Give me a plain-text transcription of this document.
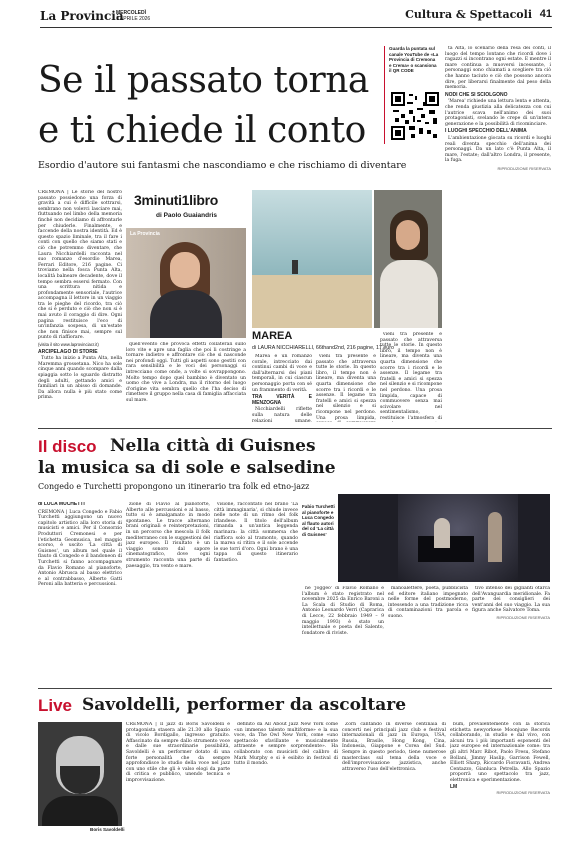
La Provincia
MERCOLEDÌ
1 APRILE 2026	Cultura & Spettacoli 41
Se il passato torna
e ti chiede il conto
Esordio d'autore sui fantasmi che nascondiamo e che rischiamo di diventare
Guarda la puntata sul canale YouTube de «La Provincia di Cremona e Crema» o scansiona il QR CODE

ta Alta, lo scenario della resa dei conti, il luogo del tempo lontano che ricordi dove i ragazzi si incontrano ogni estate. E mentre il mare continua a muoversi incessante, i personaggi sono chiamati a scegliere tra ciò che hanno taciuto e ciò che possono ancora dire, per liberarsi finalmente dal peso della memoria.

NODI CHE SI SCIOLGONO

'Marea' richiede una lettura lenta e attenta, che renda giustizia alla delicatezza con cui l'autrice scava nell'animo dei suoi protagonisti, svelando le crepe di un'intera generazione e la possibilità di ricominciare.

I LUOGHI SPECCHIO DELL'ANIMA

L'ambientazione giocata su ricordi e luoghi reali diventa specchio dell'anima dei personaggi. Da un lato c'è Punta Alta, il mare, l'estate; dall'altro Londra, il presente, la fuga.

RIPRODUZIONE RISERVATA

CREMONA | Le storie del nostro passato possiedono una forza di gravità a cui è difficile sottrarsi, sembrano non volerci lasciare mai, fluttuando nel limbo della memoria finché non decidiamo di affrontarle per chiuderle. Finalmente, e faccende della nostra identità. Ed è questo spazio liminale, tra il fare i conti con quello che siamo stati e ciò che potremmo diventare, che Laura Nicchiardelli racconta nel suo romanzo d'esordio Marea, Ferrari Editore, 216 pagine. Ci troviamo nella fosca Punta Alta, località balneare decadente, dove il tempo sembra essersi fermato. Con una scrittura nitida e profondamente sensoriale, l'autrice accompagna il lettore in un viaggio tra le pieghe del ricordo, tra ciò che si è perduto e ciò che non si è mai avuto il coraggio di dire. Ogni pagina restituisce l'eco di un'infanzia sospesa, di un'estate che non finisce mai, sempre sul punto di riaffiorare.

(visita il sito www.laprovinciacr.it)
ARCIPELAGO DI STORIE

Tutto ha inizio a Punta Alta, nella Maremma grossetana. Nico ha sole cinque anni quando scompare dalla spiaggia sotto lo sguardo distratto degli adulti, gettando amici e familiari in un abisso di domande. Da allora nulla è più stato come prima.

3minuti1libro
di Paolo Guaiandris
La Provincia

quell'evento che provoca effetti collaterali sullo loro vite e apre una faglia che poi li costringe a tornare indietro e affrontare ciò che si nasconde nei profondi oggi. Tutti gli aspetti sono gestiti con rara sensibilità e le voci dei personaggi si intrecciano come onde, a volte si sovrappongono. Molto tempo dopo quel bambino è diventato un uomo che vive a Londra, ma il ritorno del luogo d'origine vita sembra quello che l'ha deciso di rimettere il gruppo nella casa di famiglia affacciata sul mare.

MAREA
di LAURA NICCHIARELLI, 66thand2nd, 216 pagine, 17 euro

Marea è un romanzo corale, intrecciato dai continui cambi di voce e dall'alternarsi dei piani temporali, in cui ciascun personaggio porta con sé un frammento di verità.

TRA VERITÀ E MENZOGNA

Nicchiardelli riflette sulla natura delle relazioni umane,

vieni tra presente e passato che attraversa tutte le storie. In questo libro, il tempo non è lineare, ma diventa una quarta dimensione che scorre tra i ricordi e le assenze. Il legame tra fratelli e amici si spezza nel silenzio e si ricompone nel perdono. Una prosa limpida,

vieni tra presente e passato che attraversa tutte le storie. In questo libro, il tempo non è lineare, ma diventa una quarta dimensione che scorre tra i ricordi e le assenze. Il legame tra fratelli e amici si spezza nel silenzio e si ricompone nel perdono. Una prosa limpida, capace di commuovere senza mai scivolare nel sentimentalismo, restituisce l'atmosfera di

Il disco Nella città di Guisnes
la musica sa di sole e salsedine
Congedo e Turchetti propongono un itinerario tra folk ed etno-jazz
di LUCA MUCHETTI

CREMONA | Luca Congedo e Fabio Turchetti aggiungono un nuovo capitolo artistico alla loro storia di musicisti e amici. Per il Consorzio Produttori Cremonesi e per l'etichetta Geomusica, nel maggio scorso, è uscito 'La città di Guisnes', un album nel quale il flauto di Congedo e il bandoneon di Turchetti si fanno accompagnare da Flavio Romano al pianoforte, Antonio Abrusca al basso elettrico e al contrabbasso, Alberto Gatti Peroni alla batteria e percussioni.

zione di Flavio al pianoforte, Alberto alle percussioni e al basso, tutto si è amalgamato in modo spontaneo. Le tracce alternano brani originali e reinterpretazioni, in un percorso che mescola il folk mediterraneo con le suggestioni del jazz europeo. Il risultato è un viaggio sonoro dal sapore cinematografico, dove ogni strumento racconta una parte di paesaggio, tra vento e mare.

visione, raccontato nel brano 'La città immaginaria', si chiude invece nelle note di un ritmo del folk irlandese. Il titolo dell'album rimanda a un'antica leggenda marinara: la città sommersa che riaffiora solo al tramonto, quando la marea si ritira e il sole accende le sue torri d'oro. Ogni brano è una tappa di questo itinerario fantastico.

Fabio Turchetti al pianoforte e Luca Congedo al flauto autori del cd 'La città di Guisnes'

ne 'Joggeo' di Flavio Romano e l'album è stato registrato nel novembre 2025 da Enrico Baroni a La Scala di Studio di Roma, Antonio Leonardo Verri (Caprarica di Lecce, 22 febbraio 1949 – 9 maggio 1993) è stato un intellettuale e poeta del Salento, fondatore di riviste.

manoalettere, poeta, pubblicista ed editore italiano impegnato nelle forme del postmoderno, intessendo a una tradizione ricca di contaminazioni tra parola e suono.

tivo intenso dei giglianti otarca dell'Avanguardia meridionale. Fa parte dei consiglieri dei vent'anni del suo viaggio. La sua figura anche Salvatore Toma.

RIPRODUZIONE RISERVATA
Live Savoldelli, performer da ascoltare
Boris Savoldelli

CREMONA | Il jazz di Boris Savoldelli è protagonista stasera alle 21.30 allo Spazio di vicolo Bordigallo, ingresso gratuito. Affascinato da sempre dallo strumento voce e dalle sue straordinarie possibilità, Savoldelli è un performer dotato di una forte personalità che da sempre approfondisce lo studio della voce nel jazz con uno stile che gli è valso elogi da parte di critica e pubblico, unendo tecnica e improvvisazione.

definito da All About Jazz New York come «un immenso talento multiforme» e la sua voce, da The Owl New York, come «uno spettacolo sfavillante e musicalmente attraente e sempre sorprendente». Ha collaborato con musicisti del calibro di Mark Murphy e si è esibito in festival di tutto il mondo.

Zorn cantando in diverse centinaia di concerti nei principali jazz club e festival internazionali di jazz in Europa, USA, Russia, Brasile, Hong Kong, Cina, Indonesia, Giappone e Corea del Sud. Sempre in questo periodo, tiene numerose masterclass sul tema della voce e dell'improvvisazione jazzistica, anche attraverso l'uso dell'elettronica.

bum, prevalentemente con la storica etichetta newyorkese Moonjune Records collaborando, in studio e dal vivo, con alcuni tra i più importanti esponenti del jazz europeo ed internazionale come: tra gli altri Marc Ribot, Paolo Fresu, Stefano Bollani, Jimmy Haslip, Garrison Fewell, Elliott Sharp, Riccardo Fioravanti, Andrea Centazzo, Gianluca Petrella. Allo Spazio proporrà uno spettacolo tra jazz, elettronica e sperimentazione.

LM
RIPRODUZIONE RISERVATA
